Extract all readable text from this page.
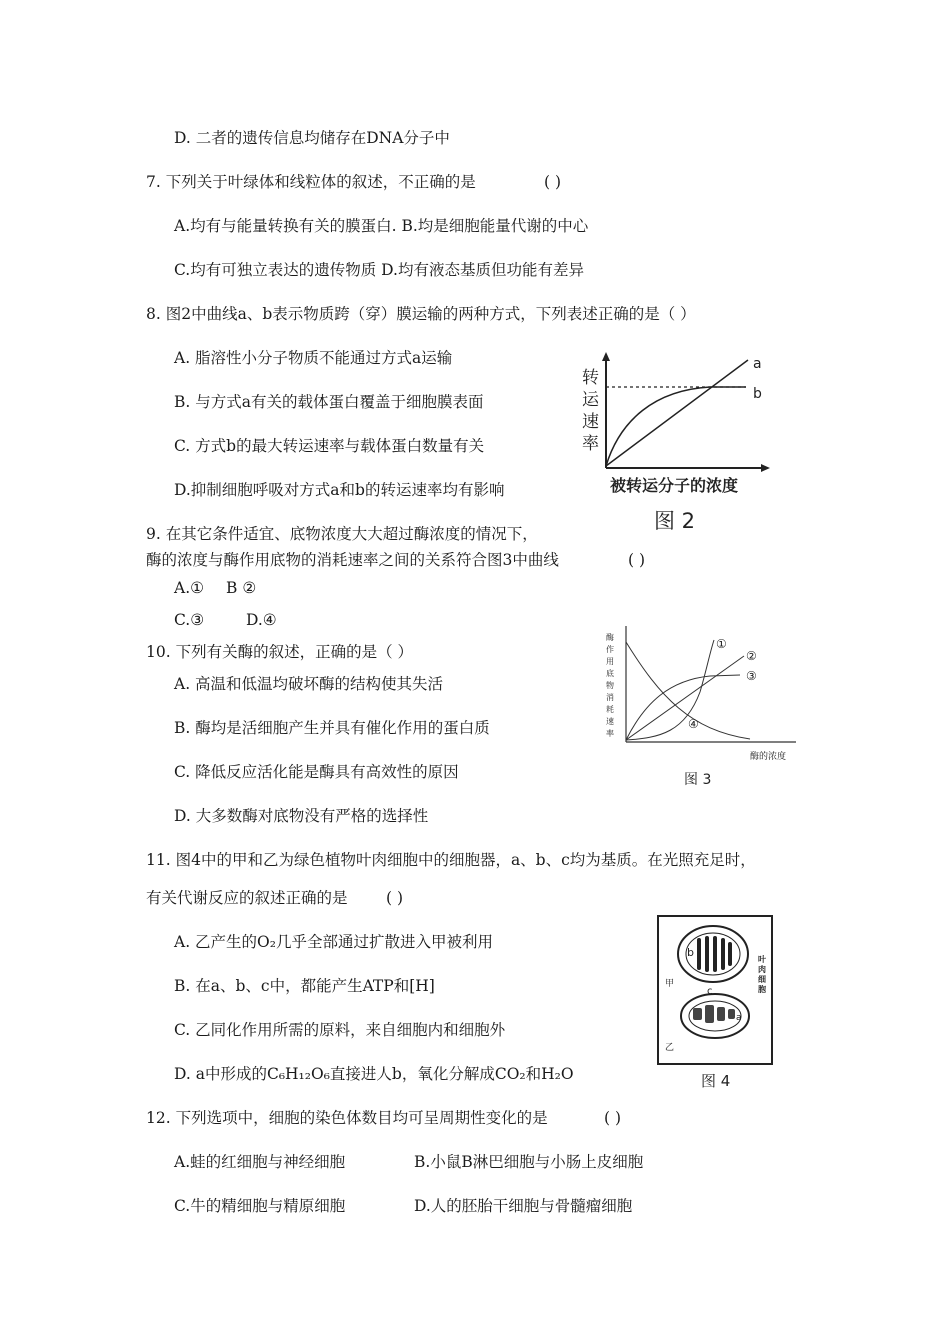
D. 二者的遗传信息均储存在DNA分子中
7. 下列关于叶绿体和线粒体的叙述，不正确的是	( )
A.均有与能量转换有关的膜蛋白. B.均是细胞能量代谢的中心
C.均有可独立表达的遗传物质 D.均有液态基质但功能有差异
8. 图2中曲线a、b表示物质跨（穿）膜运输的两种方式，下列表述正确的是（ ）
A. 脂溶性小分子物质不能通过方式a运输
B. 与方式a有关的载体蛋白覆盖于细胞膜表面
C. 方式b的最大转运速率与载体蛋白数量有关
D.抑制细胞呼吸对方式a和b的转运速率均有影响
转
运
速
率
被转运分子的浓度
a
b
图 2
9. 在其它条件适宜、底物浓度大大超过酶浓度的情况下，
酶的浓度与酶作用底物的消耗速率之间的关系符合图3中曲线	( )
A.① B ②
C.③	D.④
酶
作
用
底
物
消
耗
速
率
酶的浓度
①
②
③
④
图 3
10. 下列有关酶的叙述，正确的是（ ）
A. 高温和低温均破坏酶的结构使其失活
B. 酶均是活细胞产生并具有催化作用的蛋白质
C. 降低反应活化能是酶具有高效性的原因
D. 大多数酶对底物没有严格的选择性
11. 图4中的甲和乙为绿色植物叶肉细胞中的细胞器，a、b、c均为基质。在光照充足时，
有关代谢反应的叙述正确的是 ( )
A. 乙产生的O₂几乎全部通过扩散进入甲被利用
B. 在a、b、c中，都能产生ATP和[H]
C. 乙同化作用所需的原料，来自细胞内和细胞外
D. a中形成的C₆H₁₂O₆直接进人b，氧化分解成CO₂和H₂O
b
甲
c
a
乙
叶
肉
细
胞
图 4
12. 下列选项中，细胞的染色体数目均可呈周期性变化的是	( )
A.蛙的红细胞与神经细胞	B.小鼠B淋巴细胞与小肠上皮细胞
C.牛的精细胞与精原细胞	D.人的胚胎干细胞与骨髓瘤细胞
